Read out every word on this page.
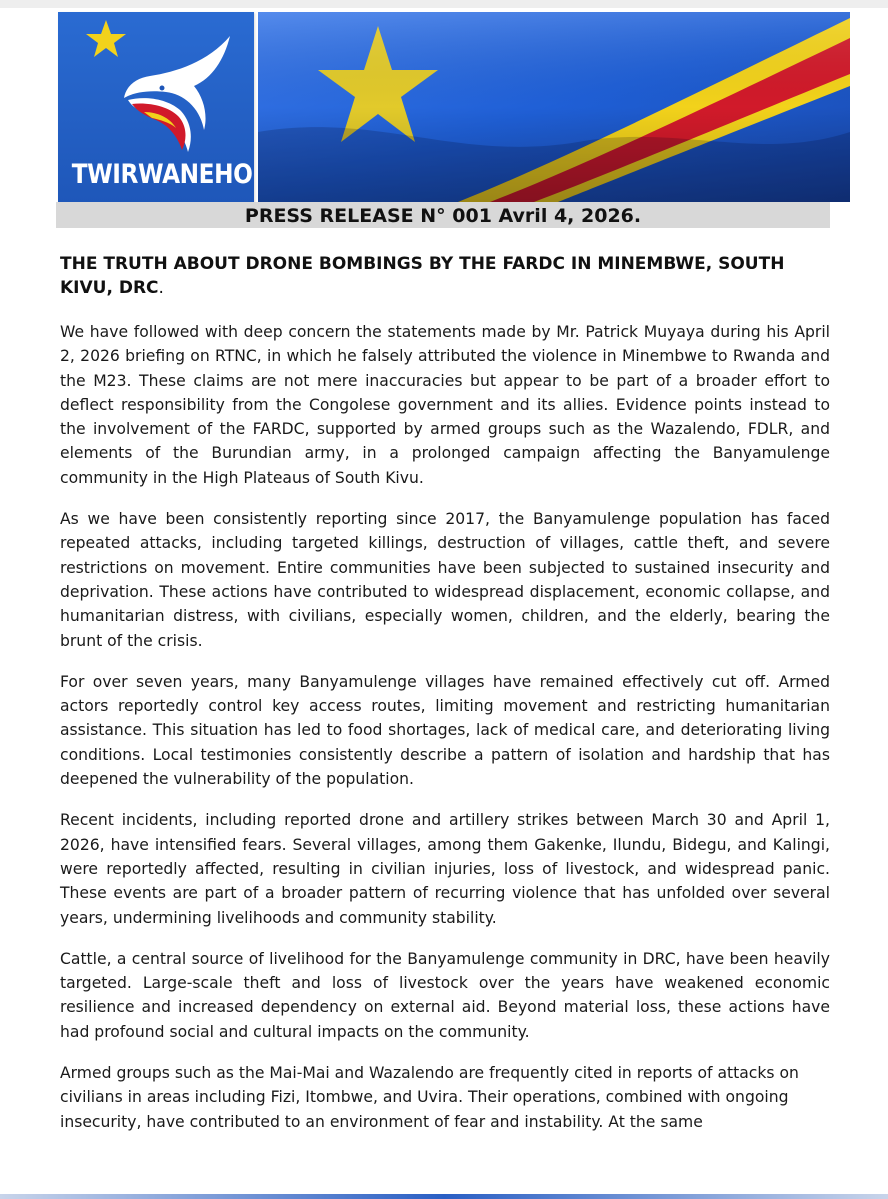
TWIRWANEHO
PRESS RELEASE N° 001 Avril 4, 2026.
THE TRUTH ABOUT DRONE BOMBINGS BY THE FARDC IN MINEMBWE, SOUTH KIVU, DRC.

We have followed with deep concern the statements made by Mr. Patrick Muyaya during his April 2, 2026 briefing on RTNC, in which he falsely attributed the violence in Minembwe to Rwanda and the M23. These claims are not mere inaccuracies but appear to be part of a broader effort to deflect responsibility from the Congolese government and its allies. Evidence points instead to the involvement of the FARDC, supported by armed groups such as the Wazalendo, FDLR, and elements of the Burundian army, in a prolonged campaign affecting the Banyamulenge community in the High Plateaus of South Kivu.

As we have been consistently reporting since 2017, the Banyamulenge population has faced repeated attacks, including targeted killings, destruction of villages, cattle theft, and severe restrictions on movement. Entire communities have been subjected to sustained insecurity and deprivation. These actions have contributed to widespread displacement, economic collapse, and humanitarian distress, with civilians, especially women, children, and the elderly, bearing the brunt of the crisis.

For over seven years, many Banyamulenge villages have remained effectively cut off. Armed actors reportedly control key access routes, limiting movement and restricting humanitarian assistance. This situation has led to food shortages, lack of medical care, and deteriorating living conditions. Local testimonies consistently describe a pattern of isolation and hardship that has deepened the vulnerability of the population.

Recent incidents, including reported drone and artillery strikes between March 30 and April 1, 2026, have intensified fears. Several villages, among them Gakenke, Ilundu, Bidegu, and Kalingi, were reportedly affected, resulting in civilian injuries, loss of livestock, and widespread panic. These events are part of a broader pattern of recurring violence that has unfolded over several years, undermining livelihoods and community stability.

Cattle, a central source of livelihood for the Banyamulenge community in DRC, have been heavily targeted. Large-scale theft and loss of livestock over the years have weakened economic resilience and increased dependency on external aid. Beyond material loss, these actions have had profound social and cultural impacts on the community.

Armed groups such as the Mai-Mai and Wazalendo are frequently cited in reports of attacks on civilians in areas including Fizi, Itombwe, and Uvira. Their operations, combined with ongoing insecurity, have contributed to an environment of fear and instability. At the same
